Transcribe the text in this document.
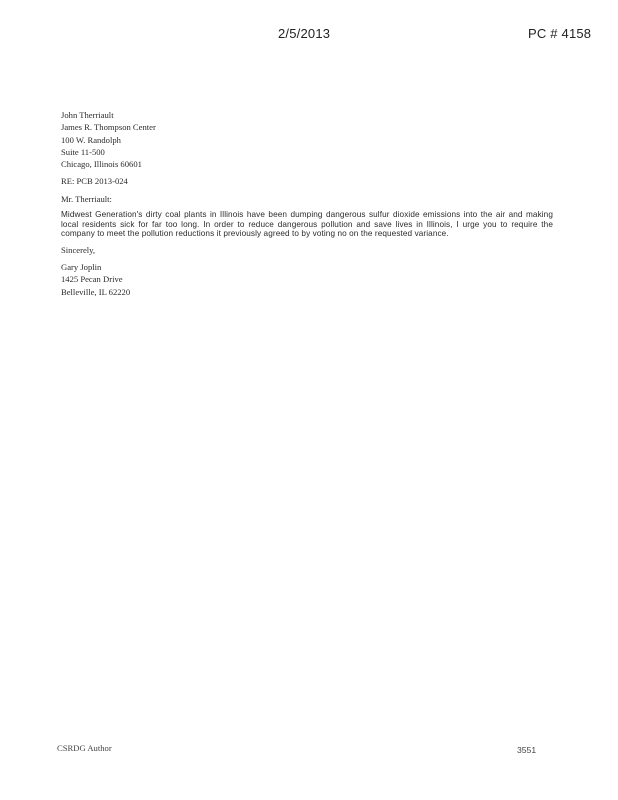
2/5/2013	PC # 4158
John Therriault
James R. Thompson Center
100 W. Randolph
Suite 11-500
Chicago, Illinois 60601
RE: PCB 2013-024
Mr. Therriault:
Midwest Generation's dirty coal plants in Illinois have been dumping dangerous sulfur dioxide emissions into the air and making local residents sick for far too long. In order to reduce dangerous pollution and save lives in Illinois, I urge you to require the company to meet the pollution reductions it previously agreed to by voting no on the requested variance.
Sincerely,
Gary Joplin
1425 Pecan Drive
Belleville, IL 62220
CSRDG Author	3551
